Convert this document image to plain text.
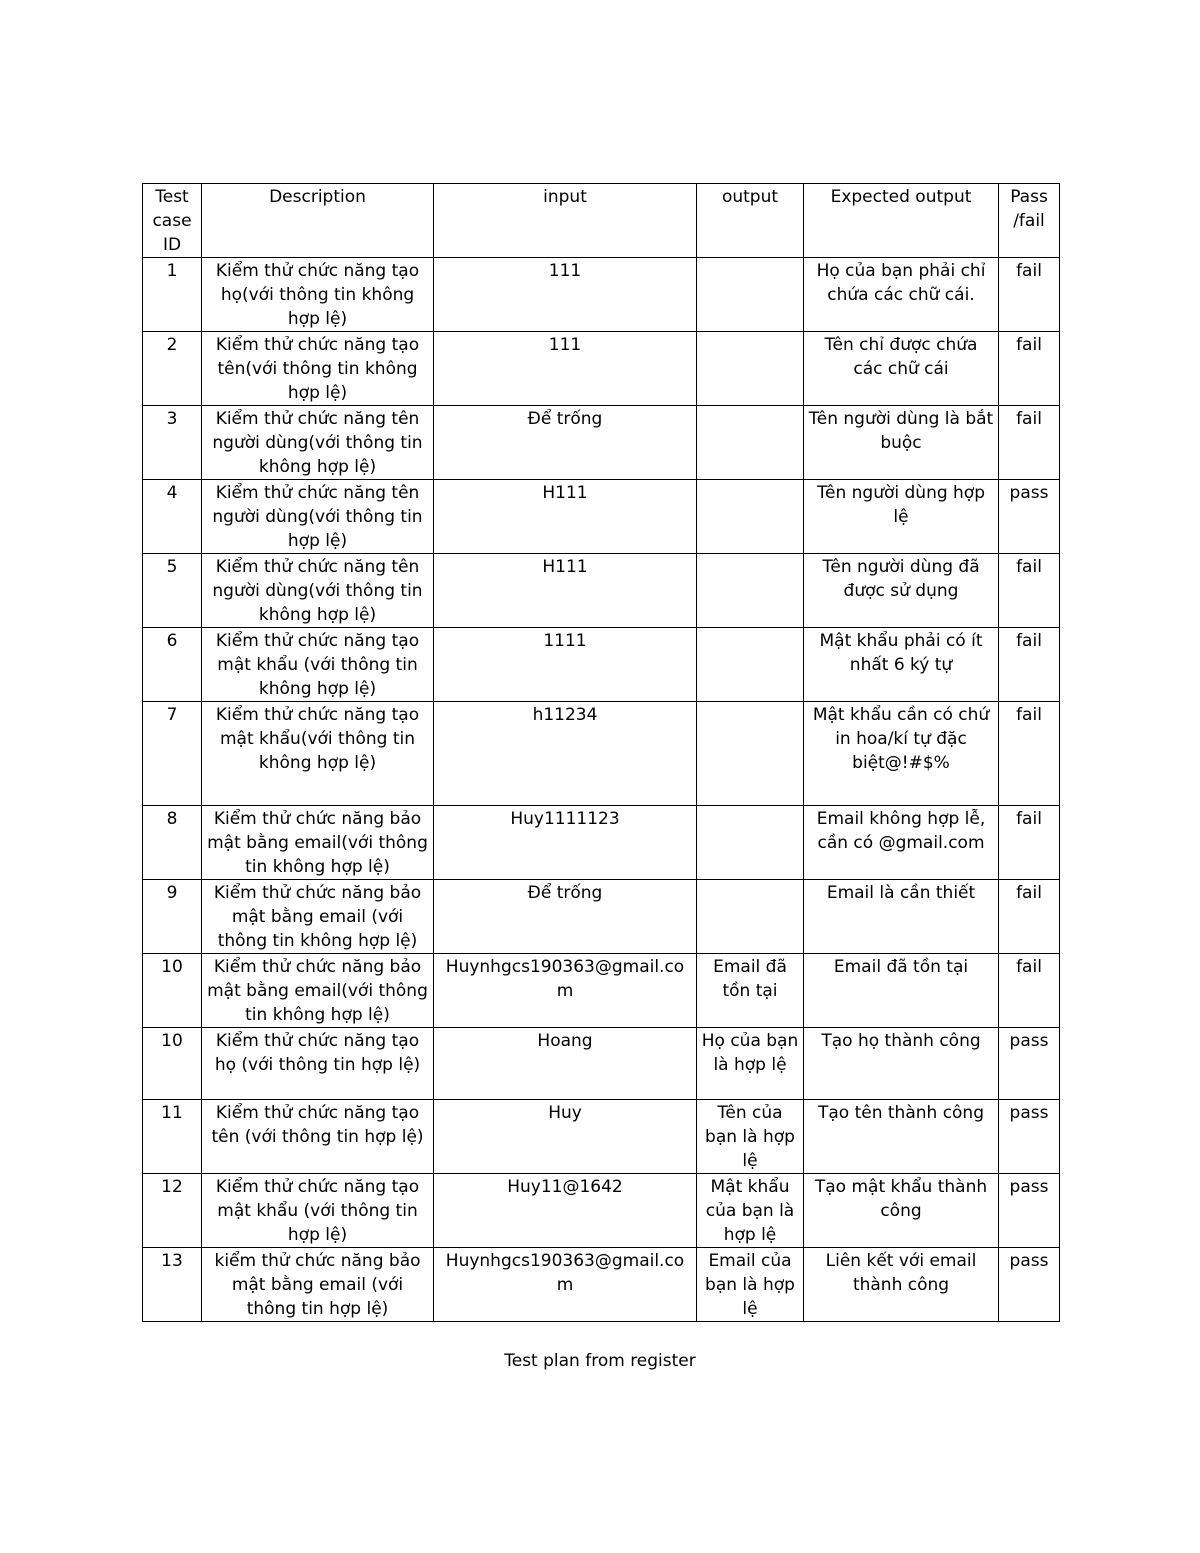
Test case ID	Description	input	output	Expected output	Pass /fail
1	Kiểm thử chức năng tạo họ(với thông tin không hợp lệ)	111		Họ của bạn phải chỉ chứa các chữ cái.	fail
2	Kiểm thử chức năng tạo tên(với thông tin không hợp lệ)	111		Tên chỉ được chứa các chữ cái	fail
3	Kiểm thử chức năng tên người dùng(với thông tin không hợp lệ)	Để trống		Tên người dùng là bắt buộc	fail
4	Kiểm thử chức năng tên người dùng(với thông tin hợp lệ)	H111		Tên người dùng hợp lệ	pass
5	Kiểm thử chức năng tên người dùng(với thông tin không hợp lệ)	H111		Tên người dùng đã được sử dụng	fail
6	Kiểm thử chức năng tạo mật khẩu (với thông tin không hợp lệ)	1111		Mật khẩu phải có ít nhất 6 ký tự	fail
7	Kiểm thử chức năng tạo mật khẩu(với thông tin không hợp lệ)	h11234		Mật khẩu cần có chứ in hoa/kí tự đặc biệt@!#$%	fail
8	Kiểm thử chức năng bảo mật bằng email(với thông tin không hợp lệ)	Huy1111123		Email không hợp lễ, cần có @gmail.com	fail
9	Kiểm thử chức năng bảo mật bằng email (với thông tin không hợp lệ)	Để trống		Email là cần thiết	fail
10	Kiểm thử chức năng bảo mật bằng email(với thông tin không hợp lệ)	Huynhgcs190363@gmail.com	Email đã tồn tại	Email đã tồn tại	fail
10	Kiểm thử chức năng tạo họ (với thông tin hợp lệ)	Hoang	Họ của bạn là hợp lệ	Tạo họ thành công	pass
11	Kiểm thử chức năng tạo tên (với thông tin hợp lệ)	Huy	Tên của bạn là hợp lệ	Tạo tên thành công	pass
12	Kiểm thử chức năng tạo mật khẩu (với thông tin hợp lệ)	Huy11@1642	Mật khẩu của bạn là hợp lệ	Tạo mật khẩu thành công	pass
13	kiểm thử chức năng bảo mật bằng email (với thông tin hợp lệ)	Huynhgcs190363@gmail.com	Email của bạn là hợp lệ	Liên kết với email thành công	pass
Test plan from register
